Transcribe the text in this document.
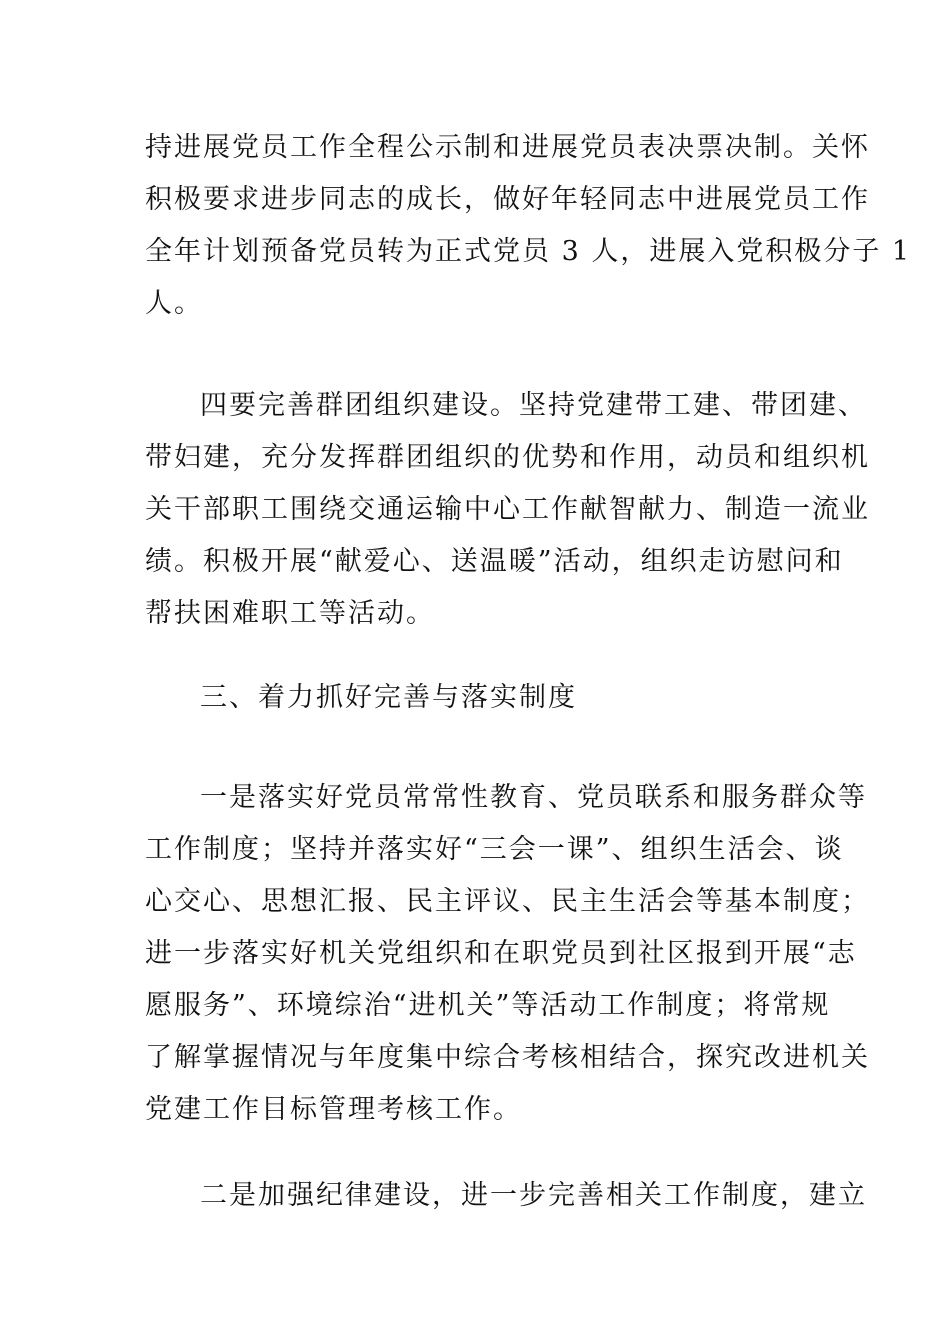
持进展党员工作全程公示制和进展党员表决票决制。关怀
积极要求进步同志的成长，做好年轻同志中进展党员工作
全年计划预备党员转为正式党员 3 人，进展入党积极分子 1
人。
四要完善群团组织建设。坚持党建带工建、带团建、
带妇建，充分发挥群团组织的优势和作用，动员和组织机
关干部职工围绕交通运输中心工作献智献力、制造一流业
绩。积极开展“献爱心、送温暖”活动，组织走访慰问和
帮扶困难职工等活动。
三、着力抓好完善与落实制度
一是落实好党员常常性教育、党员联系和服务群众等
工作制度；坚持并落实好“三会一课”、组织生活会、谈
心交心、思想汇报、民主评议、民主生活会等基本制度；
进一步落实好机关党组织和在职党员到社区报到开展“志
愿服务”、环境综治“进机关”等活动工作制度；将常规
了解掌握情况与年度集中综合考核相结合，探究改进机关
党建工作目标管理考核工作。
二是加强纪律建设，进一步完善相关工作制度，建立
